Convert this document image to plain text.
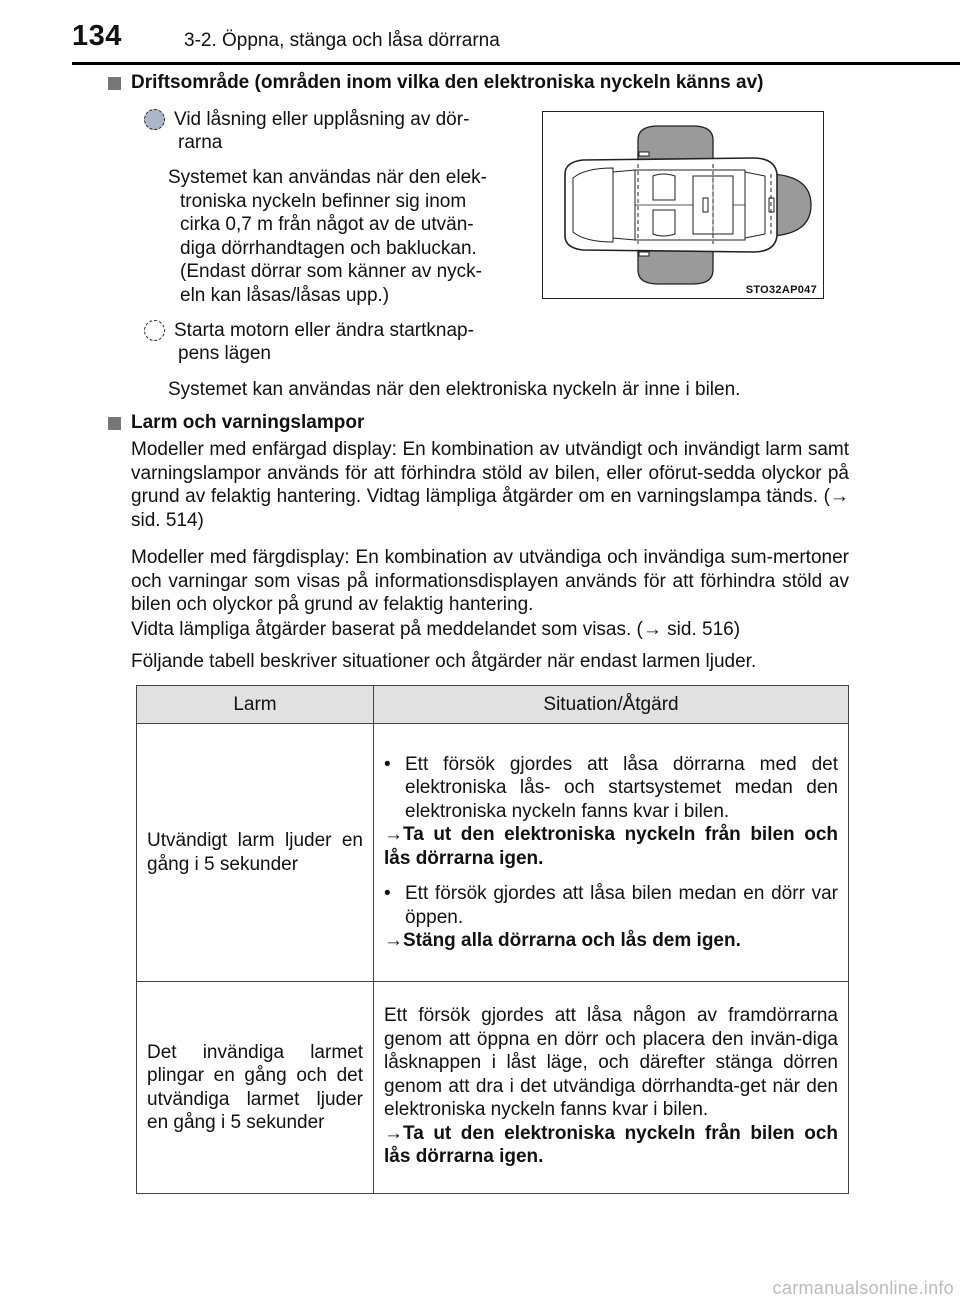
134	3-2. Öppna, stänga och låsa dörrarna
Driftsområde (områden inom vilka den elektroniska nyckeln känns av)
Vid låsning eller upplåsning av dör-
rarna
Systemet kan användas när den elek-
troniska nyckeln befinner sig inom
cirka 0,7 m från något av de utvän-
diga dörrhandtagen och bakluckan.
(Endast dörrar som känner av nyck-
eln kan låsas/låsas upp.)
Starta motorn eller ändra startknap-
pens lägen
Systemet kan användas när den elektroniska nyckeln är inne i bilen.
STO32AP047
Larm och varningslampor
Modeller med enfärgad display: En kombination av utvändigt och invändigt larm samt varningslampor används för att förhindra stöld av bilen, eller oförut-sedda olyckor på grund av felaktig hantering. Vidtag lämpliga åtgärder om en varningslampa tänds. (→ sid. 514)
Modeller med färgdisplay: En kombination av utvändiga och invändiga sum-mertoner och varningar som visas på informationsdisplayen används för att förhindra stöld av bilen och olyckor på grund av felaktig hantering.
Vidta lämpliga åtgärder baserat på meddelandet som visas. (→ sid. 516)
Följande tabell beskriver situationer och åtgärder när endast larmen ljuder.
Larm	Situation/Åtgärd
Utvändigt larm ljuder en gång i 5 sekunder	• Ett försök gjordes att låsa dörrarna med det elektroniska lås- och startsystemet medan den elektroniska nyckeln fanns kvar i bilen.
→Ta ut den elektroniska nyckeln från bilen och lås dörrarna igen.
• Ett försök gjordes att låsa bilen medan en dörr var öppen.
→Stäng alla dörrarna och lås dem igen.

Det invändiga larmet plingar en gång och det utvändiga larmet ljuder en gång i 5 sekunder	Ett försök gjordes att låsa någon av framdörrarna genom att öppna en dörr och placera den invän-diga låsknappen i låst läge, och därefter stänga dörren genom att dra i det utvändiga dörrhandta-get när den elektroniska nyckeln fanns kvar i bilen.
→Ta ut den elektroniska nyckeln från bilen och lås dörrarna igen.
carmanualsonline.info
